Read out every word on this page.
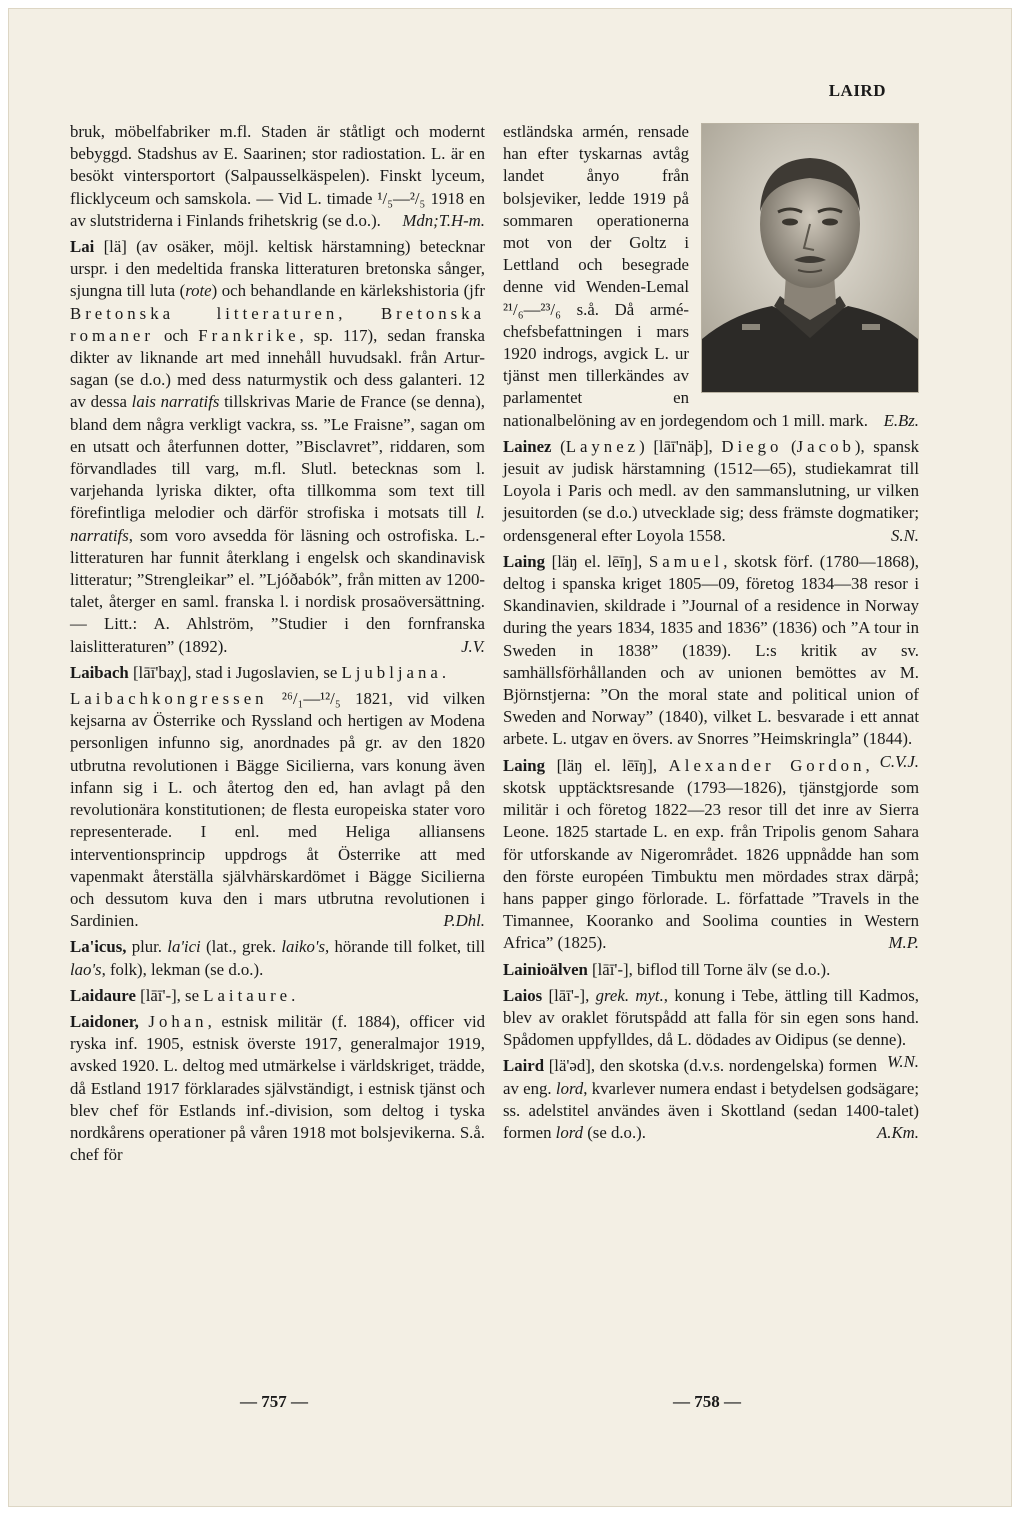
LAIRD

bruk, möbelfabriker m.fl. Staden är ståtligt och modernt bebyggd. Stadshus av E. Saarinen; stor radiostation. L. är en besökt vintersportort (Salpausselkäspelen). Finskt lyceum, flicklyceum och samskola. — Vid L. timade ¹/₅—²/₅ 1918 en av slutstriderna i Finlands frihetskrig (se d.o.). Mdn;T.H-m.

Lai [lä] (av osäker, möjl. keltisk härstamning) betecknar urspr. i den medeltida franska litteraturen bretonska sånger, sjungna till luta (rote) och behandlande en kärlekshistoria (jfr Bretonska litteraturen, Bretonska romaner och Frankrike, sp. 117), sedan franska dikter av liknande art med innehåll huvudsakl. från Artur-sagan (se d.o.) med dess naturmystik och dess galanteri. 12 av dessa lais narratifs tillskrivas Marie de France (se denna), bland dem några verkligt vackra, ss. ”Le Fraisne”, sagan om en utsatt och återfunnen dotter, ”Bisclavret”, riddaren, som förvandlades till varg, m.fl. Slutl. betecknas som l. varjehanda lyriska dikter, ofta tillkomma som text till förefintliga melodier och därför strofiska i motsats till l. narratifs, som voro avsedda för läsning och ostrofiska. L.-litteraturen har funnit återklang i engelsk och skandinavisk litteratur; ”Strengleikar” el. ”Ljóðabók”, från mitten av 1200-talet, återger en saml. franska l. i nordisk prosaöversättning. — Litt.: A. Ahlström, ”Studier i den fornfranska laislitteraturen” (1892).	J.V.

Laibach [lāī'baχ], stad i Jugoslavien, se Ljubljana.

Laibachkongressen ²⁶/₁—¹²/₅ 1821, vid vilken kejsarna av Österrike och Ryssland och hertigen av Modena personligen infunno sig, anordnades på gr. av den 1820 utbrutna revolutionen i Bägge Sicilierna, vars konung även infann sig i L. och återtog den ed, han avlagt på den revolutionära konstitutionen; de flesta europeiska stater voro representerade. I enl. med Heliga alliansens interventionsprincip uppdrogs åt Österrike att med vapenmakt återställa självhärskardömet i Bägge Sicilierna och dessutom kuva den i mars utbrutna revolutionen i Sardinien.	P.Dhl.

La'icus, plur. la'ici (lat., grek. laiko's, hörande till folket, till lao's, folk), lekman (se d.o.).

Laidaure [lāī'-], se Laitaure.

Laidoner, Johan, estnisk militär (f. 1884), officer vid ryska inf. 1905, estnisk överste 1917, generalmajor 1919, avsked 1920. L. deltog med utmärkelse i världskriget, trädde, då Estland 1917 förklarades självständigt, i estnisk tjänst och blev chef för Estlands inf.-division, som deltog i tyska nordkårens operationer på våren 1918 mot bolsjevikerna. S.å. chef för

estländska armén, rensade han efter tyskarnas avtåg landet ånyo från bolsjeviker, ledde 1919 på sommaren operationerna mot von der Goltz i Lettland och besegrade denne vid Wenden-Lemal ²¹/₆—²³/₆ s.å. Då arméchefsbefattningen i mars 1920 indrogs, avgick L. ur tjänst men tillerkändes av parlamentet en nationalbelöning av en jordegendom och 1 mill. mark. E.Bz.

Lainez (Laynez) [lāī'näþ], Diego (Jacob), spansk jesuit av judisk härstamning (1512—65), studiekamrat till Loyola i Paris och medl. av den sammanslutning, ur vilken jesuitorden (se d.o.) utvecklade sig; dess främste dogmatiker; ordensgeneral efter Loyola 1558.	S.N.

Laing [läŋ el. lēīŋ], Samuel, skotsk förf. (1780—1868), deltog i spanska kriget 1805—09, företog 1834—38 resor i Skandinavien, skildrade i ”Journal of a residence in Norway during the years 1834, 1835 and 1836” (1836) och ”A tour in Sweden in 1838” (1839). L:s kritik av sv. samhällsförhållanden och av unionen bemöttes av M. Björnstjerna: ”On the moral state and political union of Sweden and Norway” (1840), vilket L. besvarade i ett annat arbete. L. utgav en övers. av Snorres ”Heimskringla” (1844).
C.V.J.

Laing [läŋ el. lēīŋ], Alexander Gordon, skotsk upptäcktsresande (1793—1826), tjänstgjorde som militär i och företog 1822—23 resor till det inre av Sierra Leone. 1825 startade L. en exp. från Tripolis genom Sahara för utforskande av Nigerområdet. 1826 uppnådde han som den förste européen Timbuktu men mördades strax därpå; hans papper gingo förlorade. L. författade ”Travels in the Timannee, Kooranko and Soolima counties in Western Africa” (1825).	M.P.

Lainioälven [lāī'-], biflod till Torne älv (se d.o.).

Laios [lāī'-], grek. myt., konung i Tebe, ättling till Kadmos, blev av oraklet förutspådd att falla för sin egen sons hand. Spådomen uppfylldes, då L. dödades av Oidipus (se denne).
W.N.

Laird [lä'əd], den skotska (d.v.s. nordengelska) formen av eng. lord, kvarlever numera endast i betydelsen godsägare; ss. adelstitel användes även i Skottland (sedan 1400-talet) formen lord (se d.o.).	A.Km.

— 757 —	— 758 —
